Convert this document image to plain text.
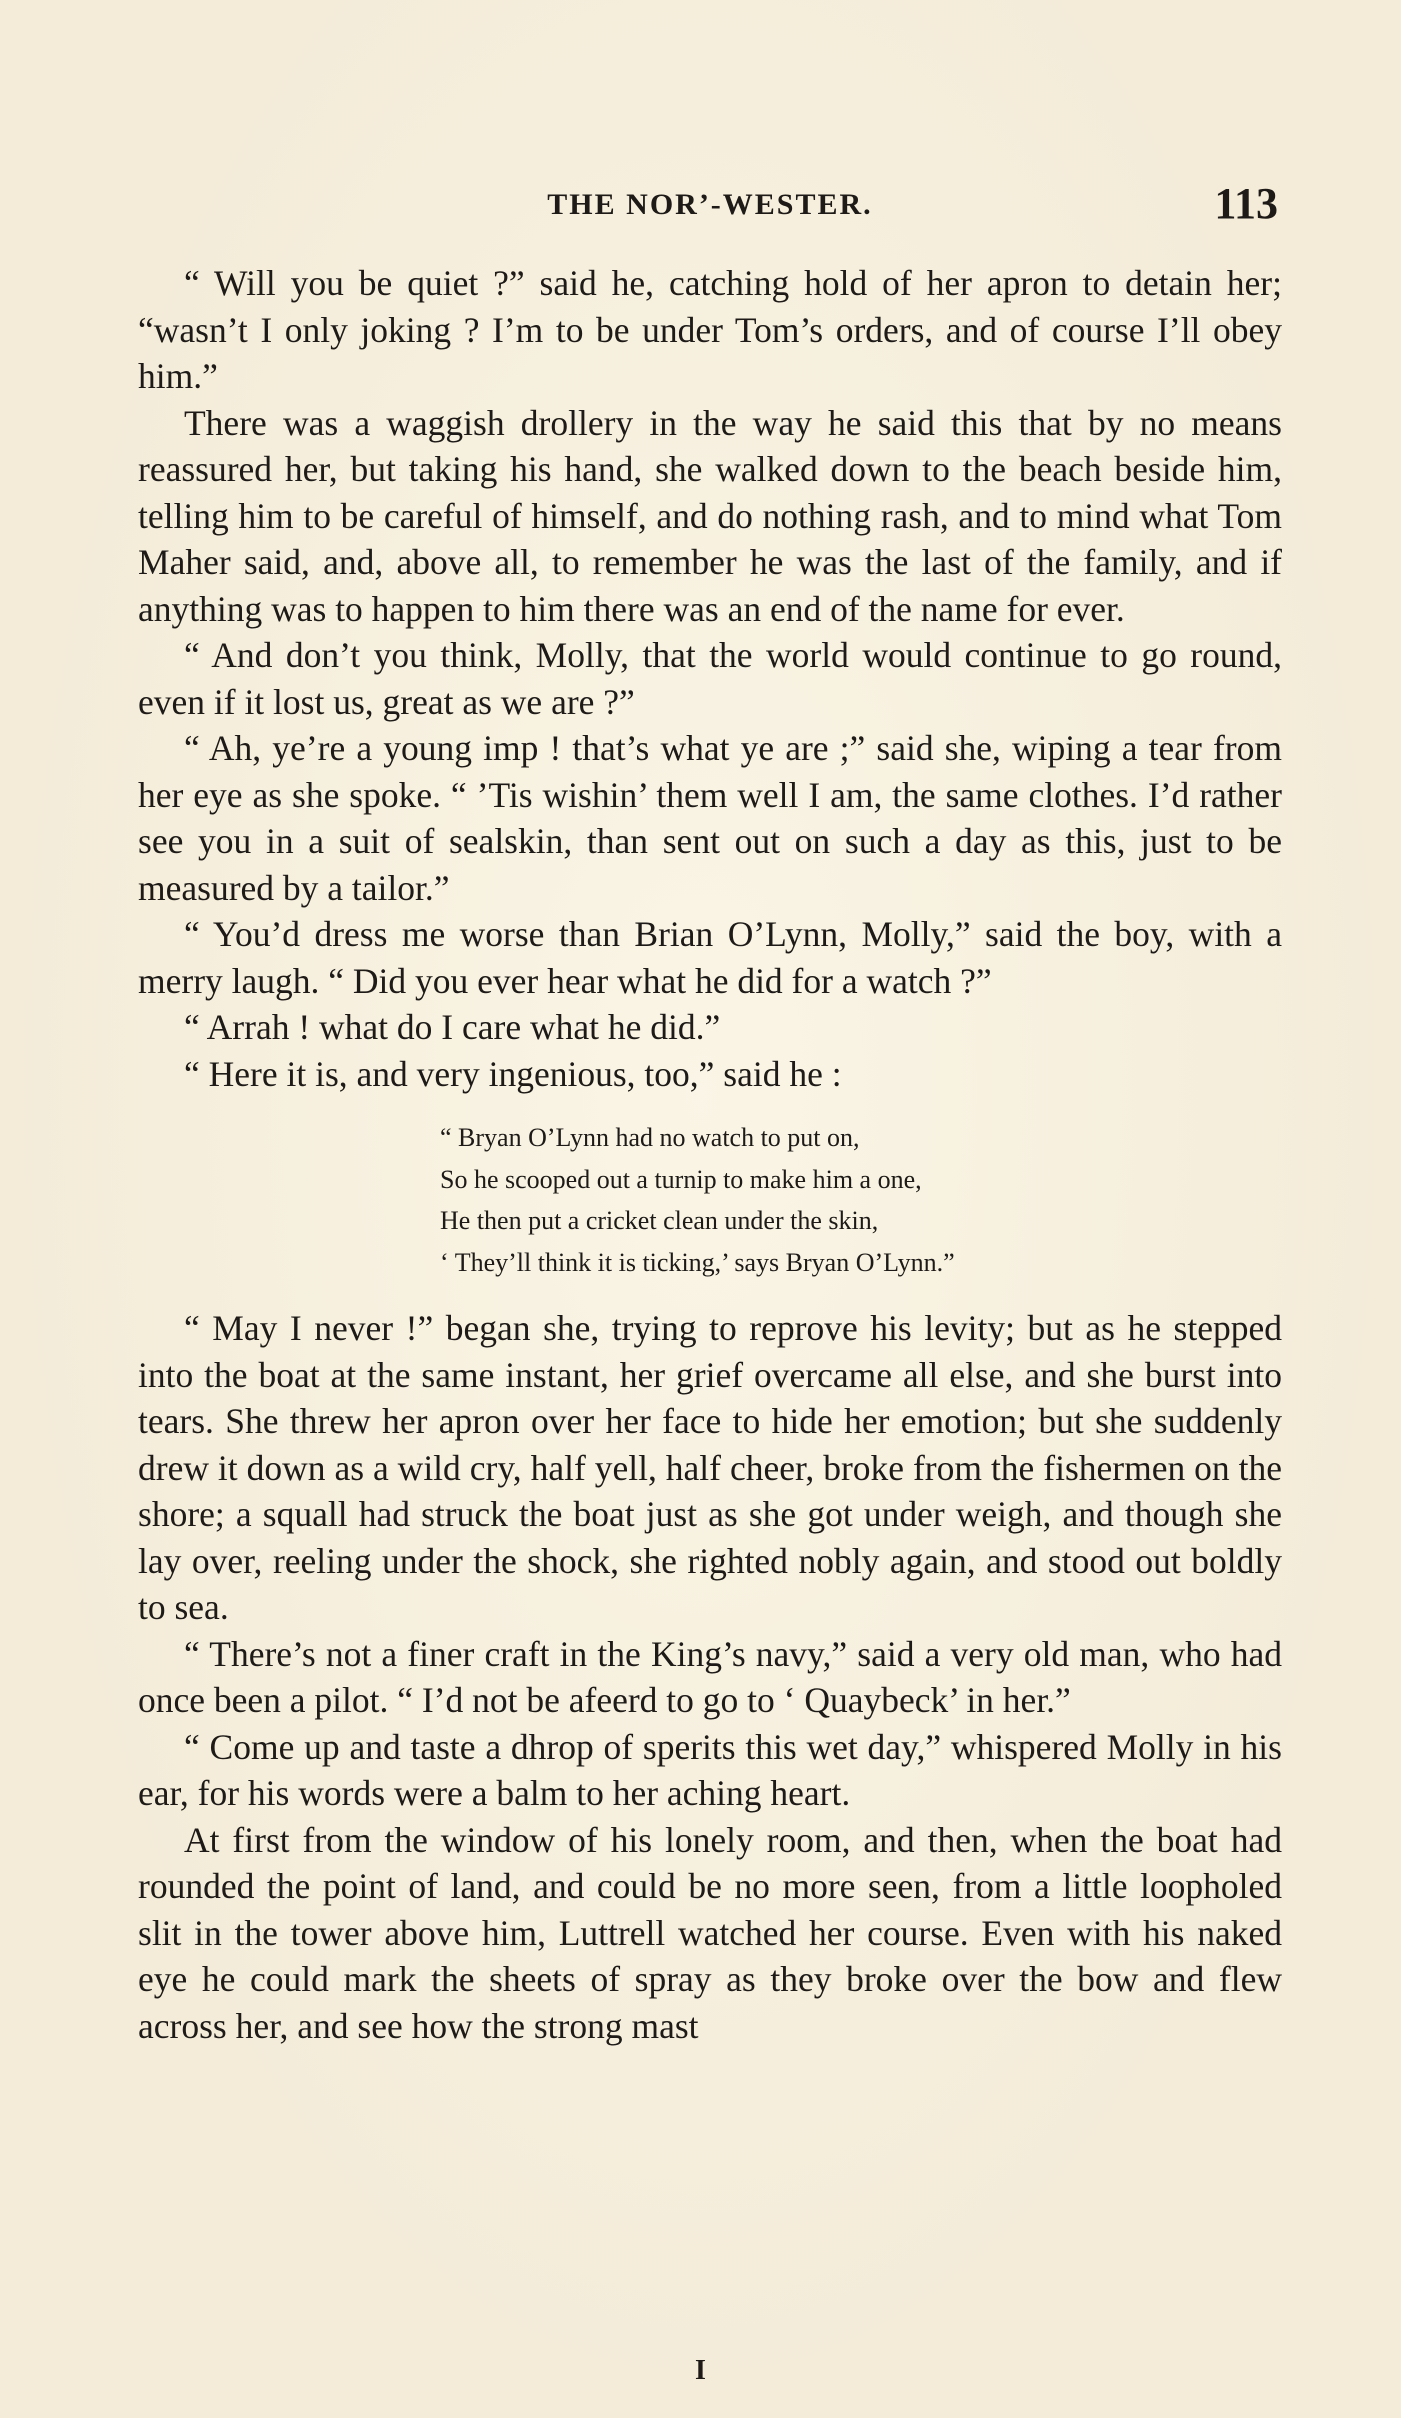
THE NOR’-WESTER.	113

“ Will you be quiet ?” said he, catching hold of her apron to detain her; “wasn’t I only joking ? I’m to be under Tom’s orders, and of course I’ll obey him.”

There was a waggish drollery in the way he said this that by no means reassured her, but taking his hand, she walked down to the beach beside him, telling him to be careful of himself, and do nothing rash, and to mind what Tom Maher said, and, above all, to remember he was the last of the family, and if anything was to happen to him there was an end of the name for ever.

“ And don’t you think, Molly, that the world would continue to go round, even if it lost us, great as we are ?”

“ Ah, ye’re a young imp ! that’s what ye are ;” said she, wiping a tear from her eye as she spoke. “ ’Tis wishin’ them well I am, the same clothes. I’d rather see you in a suit of sealskin, than sent out on such a day as this, just to be measured by a tailor.”

“ You’d dress me worse than Brian O’Lynn, Molly,” said the boy, with a merry laugh. “ Did you ever hear what he did for a watch ?”

“ Arrah ! what do I care what he did.”

“ Here it is, and very ingenious, too,” said he :

“ Bryan O’Lynn had no watch to put on,
So he scooped out a turnip to make him a one,
He then put a cricket clean under the skin,
‘ They’ll think it is ticking,’ says Bryan O’Lynn.”

“ May I never !” began she, trying to reprove his levity; but as he stepped into the boat at the same instant, her grief overcame all else, and she burst into tears. She threw her apron over her face to hide her emotion; but she suddenly drew it down as a wild cry, half yell, half cheer, broke from the fishermen on the shore; a squall had struck the boat just as she got under weigh, and though she lay over, reeling under the shock, she righted nobly again, and stood out boldly to sea.

“ There’s not a finer craft in the King’s navy,” said a very old man, who had once been a pilot. “ I’d not be afeerd to go to ‘ Quaybeck’ in her.”

“ Come up and taste a dhrop of sperits this wet day,” whispered Molly in his ear, for his words were a balm to her aching heart.

At first from the window of his lonely room, and then, when the boat had rounded the point of land, and could be no more seen, from a little loopholed slit in the tower above him, Luttrell watched her course. Even with his naked eye he could mark the sheets of spray as they broke over the bow and flew across her, and see how the strong mast

I
